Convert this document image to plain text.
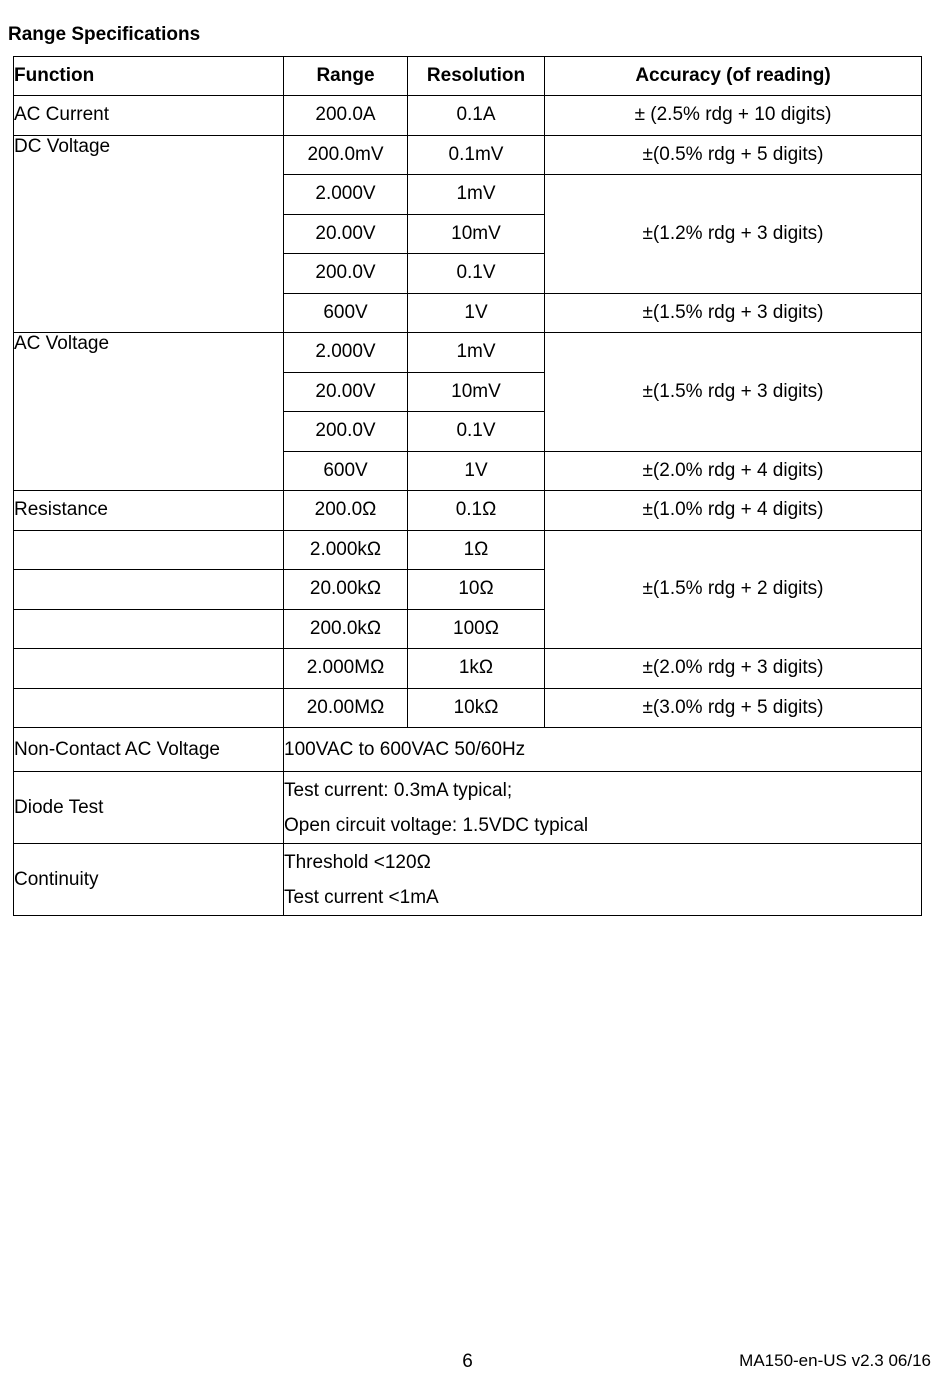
Range Specifications
Function	Range	Resolution	Accuracy (of reading)
AC Current	200.0A	0.1A	± (2.5% rdg + 10 digits)
DC Voltage	200.0mV	0.1mV	±(0.5% rdg + 5 digits)
	2.000V	1mV	±(1.2% rdg + 3 digits)
	20.00V	10mV	
	200.0V	0.1V	
	600V	1V	±(1.5% rdg + 3 digits)
AC Voltage	2.000V	1mV	±(1.5% rdg + 3 digits)
	20.00V	10mV	
	200.0V	0.1V	
	600V	1V	±(2.0% rdg + 4 digits)
Resistance	200.0Ω	0.1Ω	±(1.0% rdg + 4 digits)
	2.000kΩ	1Ω	±(1.5% rdg + 2 digits)
	20.00kΩ	10Ω	
	200.0kΩ	100Ω	
	2.000MΩ	1kΩ	±(2.0% rdg + 3 digits)
	20.00MΩ	10kΩ	±(3.0% rdg + 5 digits)
Non-Contact AC Voltage	100VAC to 600VAC 50/60Hz		
Diode Test	Test current: 0.3mA typical;
Open circuit voltage: 1.5VDC typical		

Continuity	Threshold <120Ω
Test current <1mA		
6	MA150-en-US v2.3 06/16
